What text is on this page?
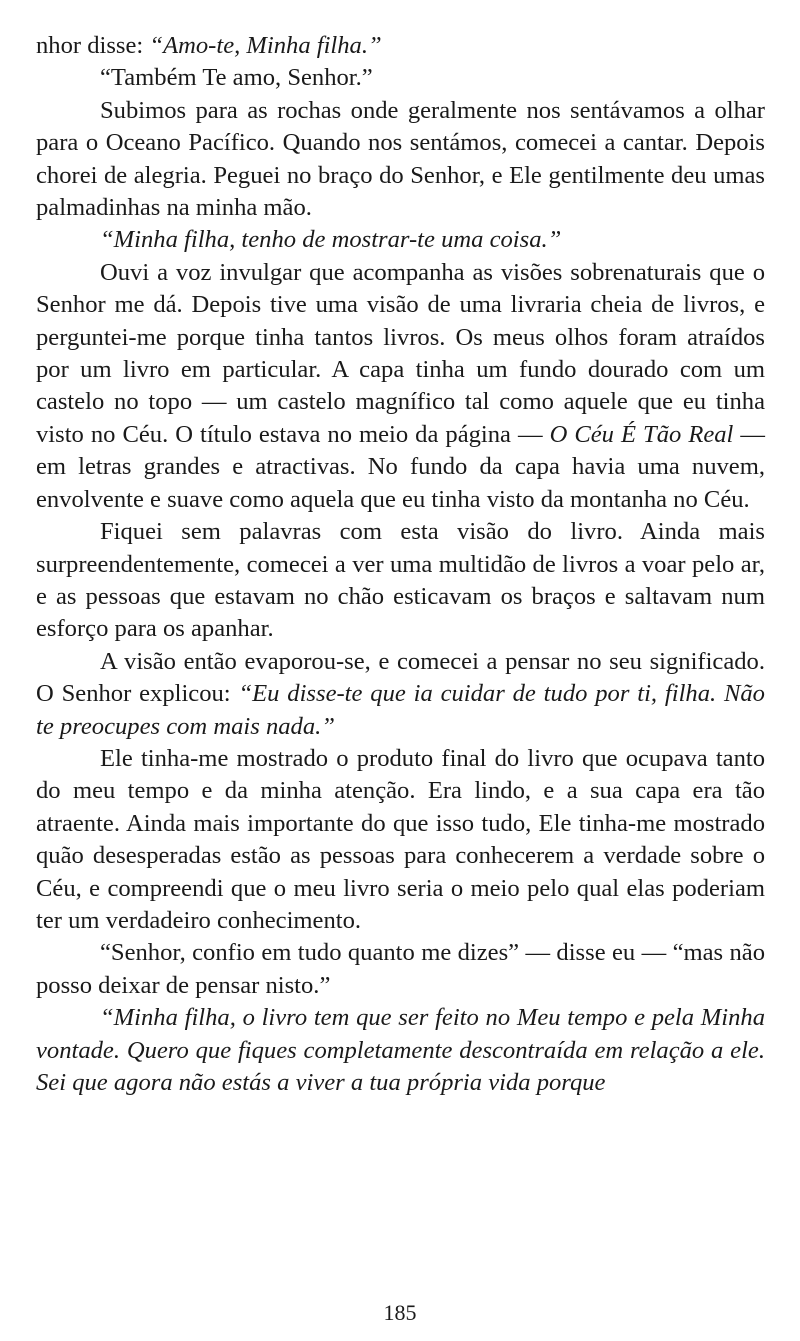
nhor disse: “Amo-te, Minha filha.”

“Também Te amo, Senhor.”

Subimos para as rochas onde geralmente nos sentávamos a olhar para o Oceano Pacífico. Quando nos sentámos, comecei a cantar. Depois chorei de alegria. Peguei no braço do Senhor, e Ele gentilmente deu umas palmadinhas na minha mão.

“Minha filha, tenho de mostrar-te uma coisa.”

Ouvi a voz invulgar que acompanha as visões sobrenaturais que o Senhor me dá. Depois tive uma visão de uma livraria cheia de livros, e perguntei-me porque tinha tantos livros. Os meus olhos foram atraídos por um livro em particular. A capa tinha um fundo dourado com um castelo no topo — um castelo magnífico tal como aquele que eu tinha visto no Céu. O título estava no meio da página — O Céu É Tão Real — em letras grandes e atractivas. No fundo da capa havia uma nuvem, envolvente e suave como aquela que eu tinha visto da montanha no Céu.

Fiquei sem palavras com esta visão do livro. Ainda mais surpreendentemente, comecei a ver uma multidão de livros a voar pelo ar, e as pessoas que estavam no chão esticavam os braços e saltavam num esforço para os apanhar.

A visão então evaporou-se, e comecei a pensar no seu significado. O Senhor explicou: “Eu disse-te que ia cuidar de tudo por ti, filha. Não te preocupes com mais nada.”

Ele tinha-me mostrado o produto final do livro que ocupava tanto do meu tempo e da minha atenção. Era lindo, e a sua capa era tão atraente. Ainda mais importante do que isso tudo, Ele tinha-me mostrado quão desesperadas estão as pessoas para conhecerem a verdade sobre o Céu, e compreendi que o meu livro seria o meio pelo qual elas poderiam ter um verdadeiro conhecimento.

“Senhor, confio em tudo quanto me dizes” — disse eu — “mas não posso deixar de pensar nisto.”

“Minha filha, o livro tem que ser feito no Meu tempo e pela Minha vontade. Quero que fiques completamente descontraída em relação a ele. Sei que agora não estás a viver a tua própria vida porque

185
